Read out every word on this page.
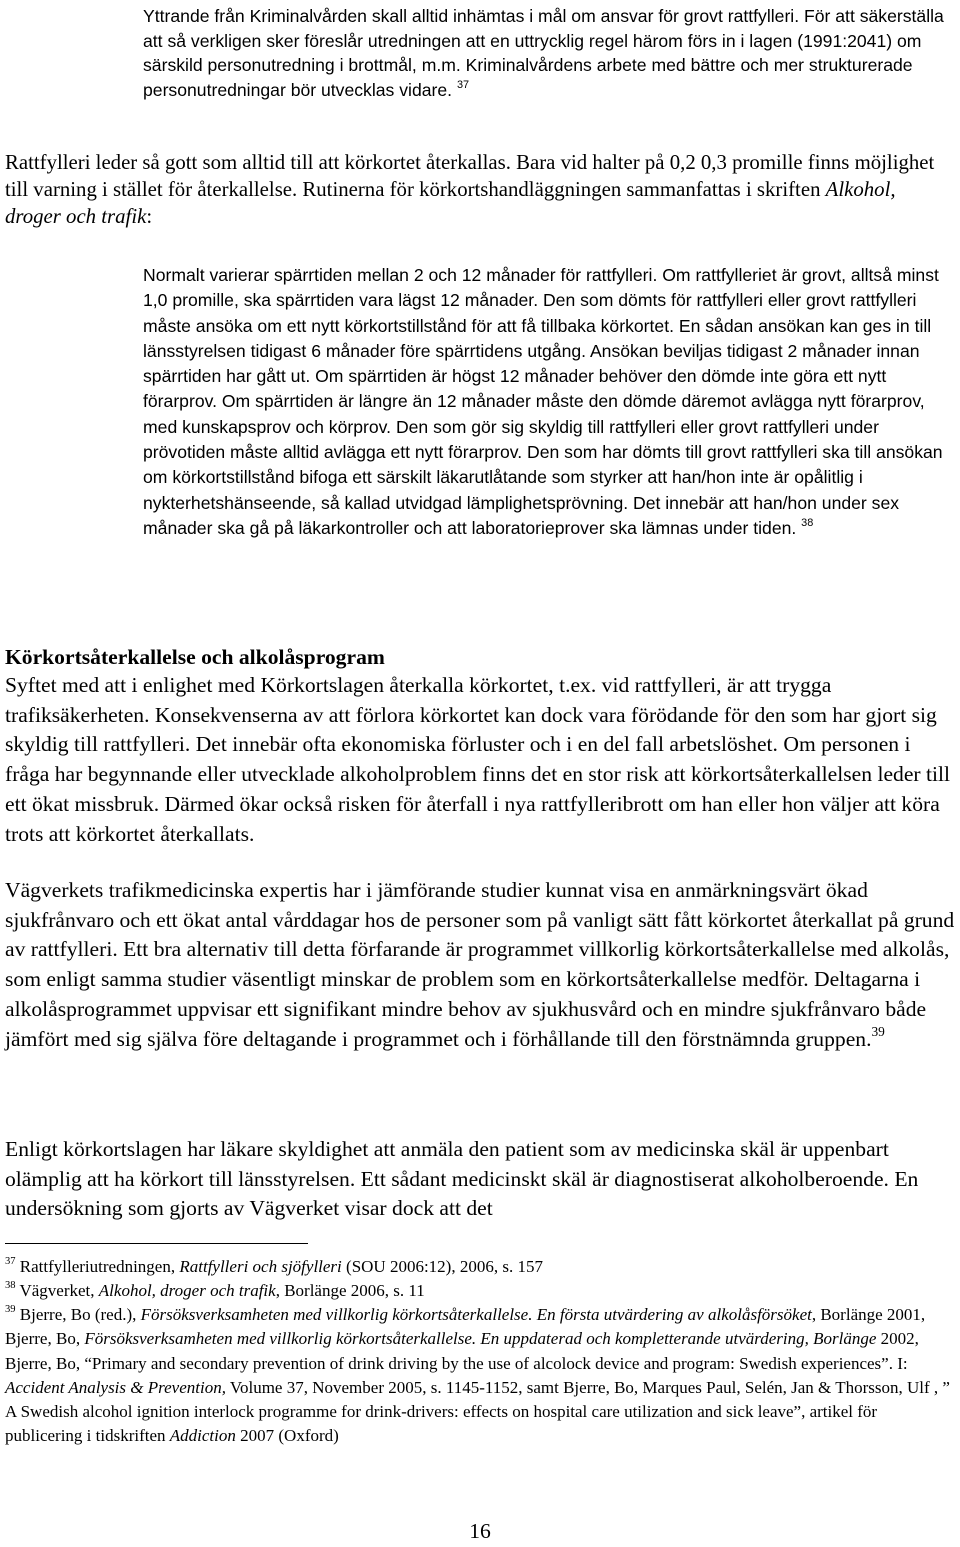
Yttrande från Kriminalvården skall alltid inhämtas i mål om ansvar för grovt rattfylleri. För att säkerställa att så verkligen sker föreslår utredningen att en uttrycklig regel härom förs in i lagen (1991:2041) om särskild personutredning i brottmål, m.m. Kriminalvårdens arbete med bättre och mer strukturerade personutredningar bör utvecklas vidare. $^{37}$

Rattfylleri leder så gott som alltid till att körkortet återkallas. Bara vid halter på 0,2 0,3 promille finns möjlighet till varning i stället för återkallelse. Rutinerna för körkortshandläggningen sammanfattas i skriften Alkohol, droger och trafik:

Normalt varierar spärrtiden mellan 2 och 12 månader för rattfylleri. Om rattfylleriet är grovt, alltså minst 1,0 promille, ska spärrtiden vara lägst 12 månader. Den som dömts för rattfylleri eller grovt rattfylleri måste ansöka om ett nytt körkortstillstånd för att få tillbaka körkortet. En sådan ansökan kan ges in till länsstyrelsen tidigast 6 månader före spärrtidens utgång. Ansökan beviljas tidigast 2 månader innan spärrtiden har gått ut. Om spärrtiden är högst 12 månader behöver den dömde inte göra ett nytt förarprov. Om spärrtiden är längre än 12 månader måste den dömde däremot avlägga nytt förarprov, med kunskapsprov och körprov. Den som gör sig skyldig till rattfylleri eller grovt rattfylleri under prövotiden måste alltid avlägga ett nytt förarprov. Den som har dömts till grovt rattfylleri ska till ansökan om körkortstillstånd bifoga ett särskilt läkarutlåtande som styrker att han/hon inte är opålitlig i nykterhetshänseende, så kallad utvidgad lämplighetsprövning. Det innebär att han/hon under sex månader ska gå på läkarkontroller och att laboratorieprover ska lämnas under tiden. $^{38}$

Körkortsåterkallelse och alkolåsprogram

Syftet med att i enlighet med Körkortslagen återkalla körkortet, t.ex. vid rattfylleri, är att trygga trafiksäkerheten. Konsekvenserna av att förlora körkortet kan dock vara förödande för den som har gjort sig skyldig till rattfylleri. Det innebär ofta ekonomiska förluster och i en del fall arbetslöshet. Om personen i fråga har begynnande eller utvecklade alkoholproblem finns det en stor risk att körkortsåterkallelsen leder till ett ökat missbruk. Därmed ökar också risken för återfall i nya rattfylleribrott om han eller hon väljer att köra trots att körkortet återkallats.

Vägverkets trafikmedicinska expertis har i jämförande studier kunnat visa en anmärkningsvärt ökad sjukfrånvaro och ett ökat antal vårddagar hos de personer som på vanligt sätt fått körkortet återkallat på grund av rattfylleri. Ett bra alternativ till detta förfarande är programmet villkorlig körkortsåterkallelse med alkolås, som enligt samma studier väsentligt minskar de problem som en körkortsåterkallelse medför. Deltagarna i alkolåsprogrammet uppvisar ett signifikant mindre behov av sjukhusvård och en mindre sjukfrånvaro både jämfört med sig själva före deltagande i programmet och i förhållande till den förstnämnda gruppen.$^{39}$

Enligt körkortslagen har läkare skyldighet att anmäla den patient som av medicinska skäl är uppenbart olämplig att ha körkort till länsstyrelsen. Ett sådant medicinskt skäl är diagnostiserat alkoholberoende. En undersökning som gjorts av Vägverket visar dock att det

$^{37}$ Rattfylleriutredningen, Rattfylleri och sjöfylleri (SOU 2006:12), 2006, s. 157

$^{38}$ Vägverket, Alkohol, droger och trafik, Borlänge 2006, s. 11

$^{39}$ Bjerre, Bo (red.), Försöksverksamheten med villkorlig körkortsåterkallelse. En första utvärdering av alkolåsförsöket, Borlänge 2001, Bjerre, Bo, Försöksverksamheten med villkorlig körkortsåterkallelse. En uppdaterad och kompletterande utvärdering, Borlänge 2002, Bjerre, Bo, “Primary and secondary prevention of drink driving by the use of alcolock device and program: Swedish experiences”. I: Accident Analysis & Prevention, Volume 37, November 2005, s. 1145-1152, samt Bjerre, Bo, Marques Paul, Selén, Jan & Thorsson, Ulf , ” A Swedish alcohol ignition interlock programme for drink-drivers: effects on hospital care utilization and sick leave”, artikel för publicering i tidskriften Addiction 2007 (Oxford)

16
